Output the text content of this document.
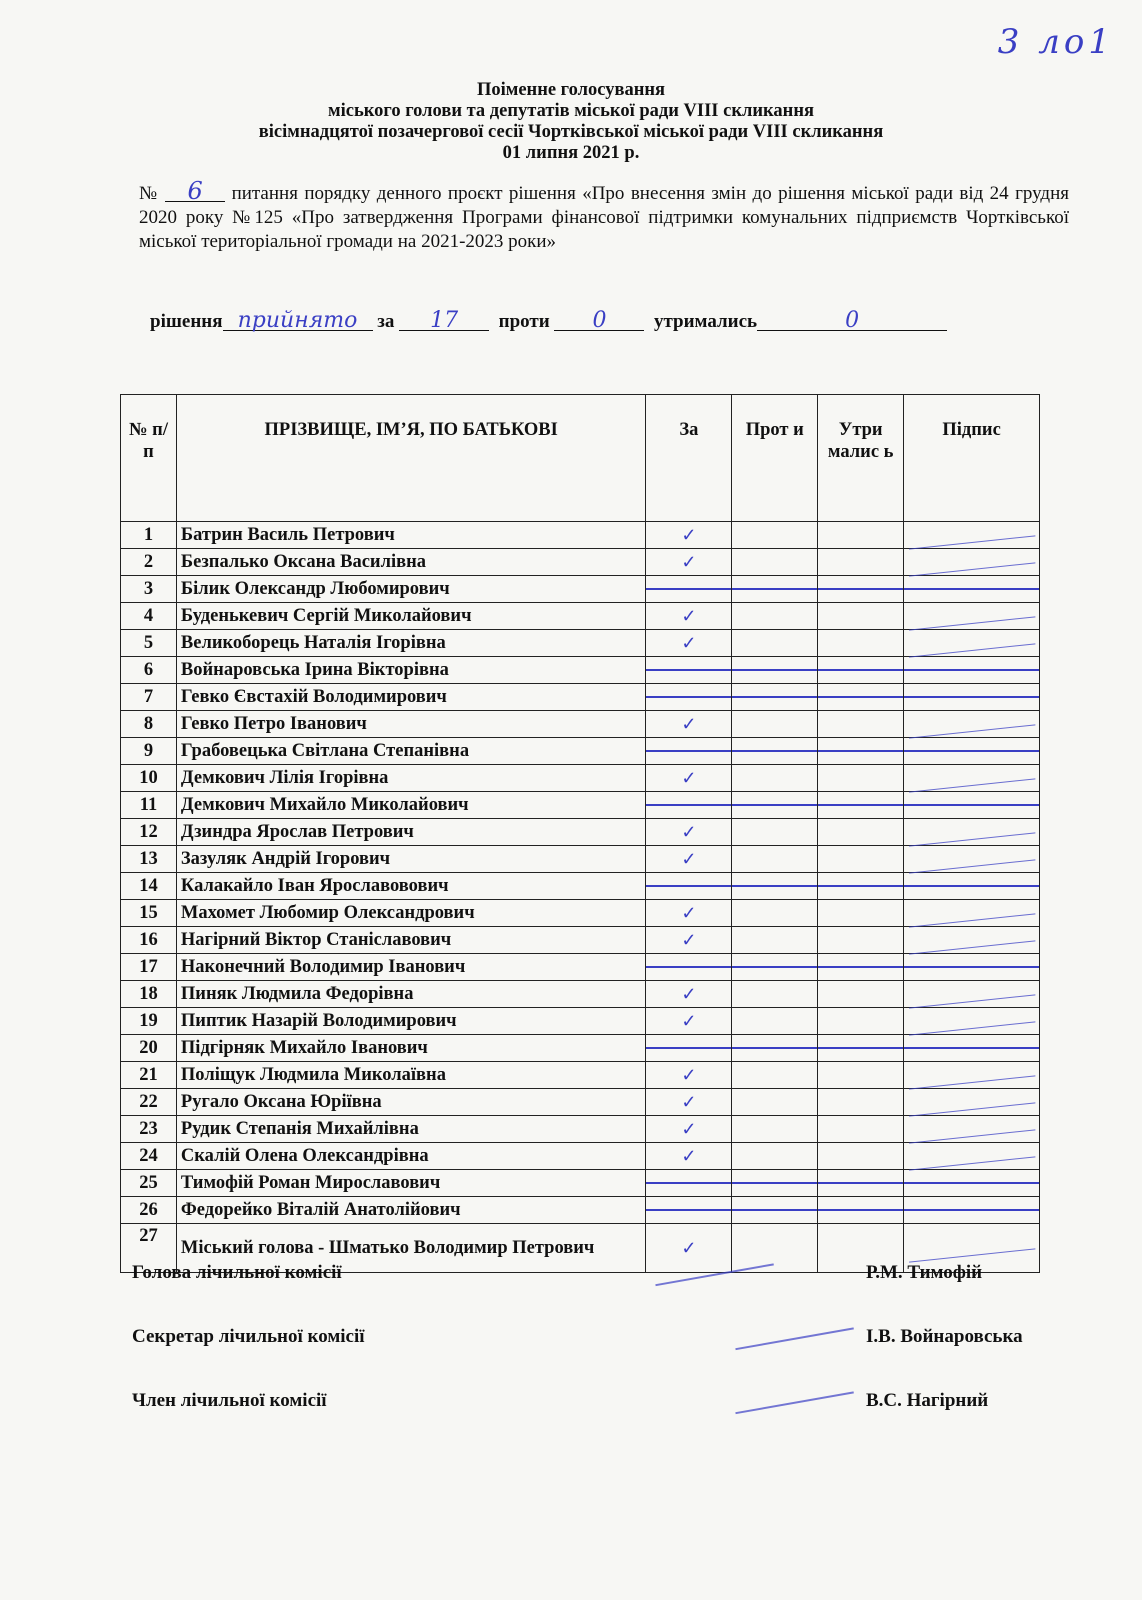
3 ло1
Поіменне голосування
міського голови та депутатів міської ради VIII скликання
вісімнадцятої позачергової сесії Чортківської міської ради VIII скликання
01 липня 2021 р.
№ 6 питання порядку денного проєкт рішення «Про внесення змін до рішення міської ради від 24 грудня 2020 року №125 «Про затвердження Програми фінансової підтримки комунальних підприємств Чортківської міської територіальної громади на 2021-2023 роки»
рішення прийнято за 17 проти 0	утримались	0
№ п/п	ПРІЗВИЩЕ, ІМ’Я, ПО БАТЬКОВІ	За	Прот и	Утри малис ь	Підпис
1	Батрин Василь Петрович	✓			

2	Безпалько Оксана Василівна	✓			

3	Білик Олександр Любомирович	

4	Буденькевич Сергій Миколайович	✓			

5	Великоборець Наталія Ігорівна	✓			

6	Войнаровська Ірина Вікторівна	

7	Гевко Євстахій Володимирович	

8	Гевко Петро Іванович	✓			

9	Грабовецька Світлана Степанівна	

10	Демкович Лілія Ігорівна	✓			

11	Демкович Михайло Миколайович	

12	Дзиндра Ярослав Петрович	✓			

13	Зазуляк Андрій Ігорович	✓			

14	Калакайло Іван Ярославовович	

15	Махомет Любомир Олександрович	✓			

16	Нагірний Віктор Станіславович	✓			

17	Наконечний Володимир Іванович	

18	Пиняк Людмила Федорівна	✓			

19	Пиптик Назарій Володимирович	✓			

20	Підгірняк Михайло Іванович	

21	Поліщук Людмила Миколаївна	✓			

22	Ругало Оксана Юріївна	✓			

23	Рудик Степанія Михайлівна	✓			

24	Скалій Олена Олександрівна	✓			

25	Тимофій Роман Мирославович	

26	Федорейко Віталій Анатолійович	

27	Міський голова - Шматько Володимир Петрович	✓			
Голова лічильної комісії	Р.М. Тимофій
Секретар лічильної комісії	І.В. Войнаровська
Член лічильної комісії	В.С. Нагірний
